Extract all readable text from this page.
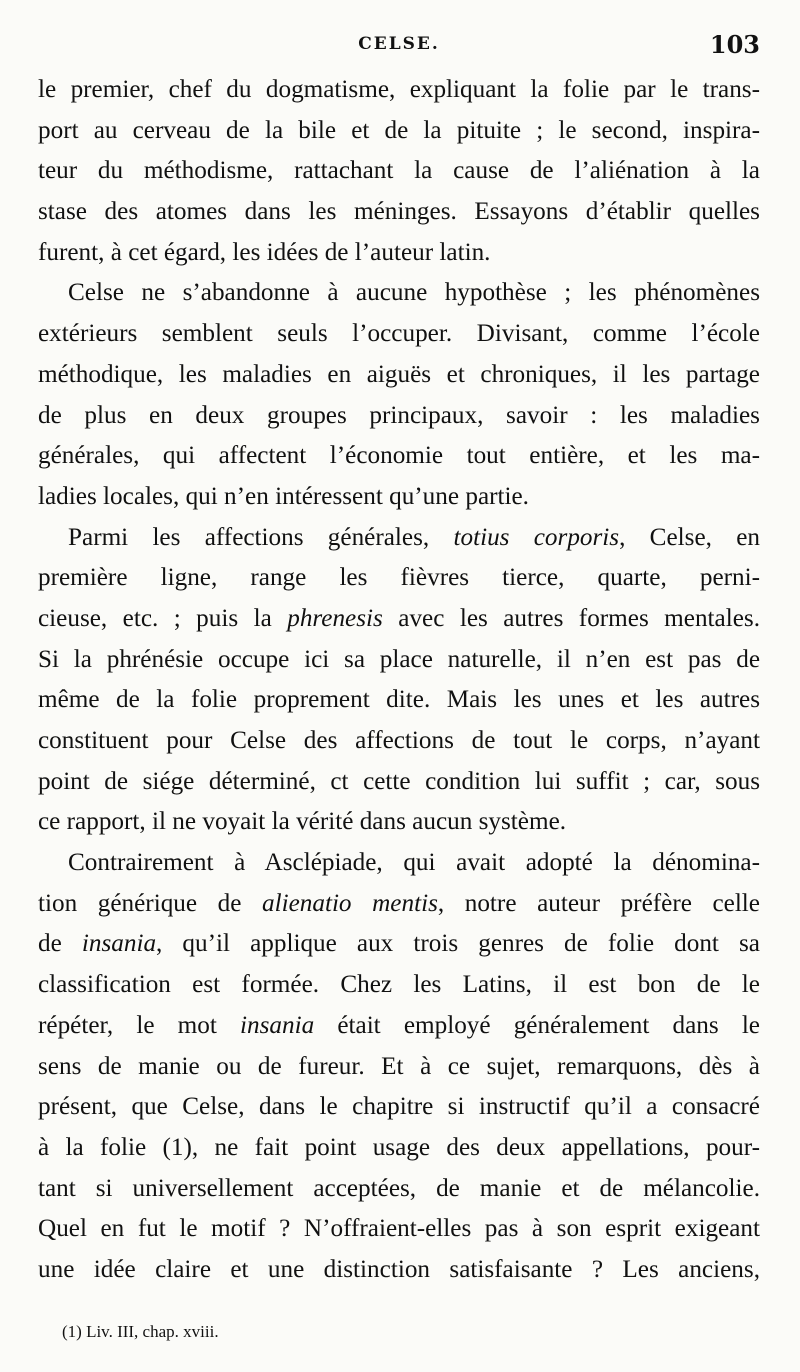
CELSE.	103
le premier, chef du dogmatisme, expliquant la folie par le trans-
port au cerveau de la bile et de la pituite ; le second, inspira-
teur du méthodisme, rattachant la cause de l’aliénation à la
stase des atomes dans les méninges. Essayons d’établir quelles
furent, à cet égard, les idées de l’auteur latin.
Celse ne s’abandonne à aucune hypothèse ; les phénomènes
extérieurs semblent seuls l’occuper. Divisant, comme l’école
méthodique, les maladies en aiguës et chroniques, il les partage
de plus en deux groupes principaux, savoir : les maladies
générales, qui affectent l’économie tout entière, et les ma-
ladies locales, qui n’en intéressent qu’une partie.
Parmi les affections générales, totius corporis, Celse, en
première ligne, range les fièvres tierce, quarte, perni-
cieuse, etc. ; puis la phrenesis avec les autres formes mentales.
Si la phrénésie occupe ici sa place naturelle, il n’en est pas de
même de la folie proprement dite. Mais les unes et les autres
constituent pour Celse des affections de tout le corps, n’ayant
point de siége déterminé, ct cette condition lui suffit ; car, sous
ce rapport, il ne voyait la vérité dans aucun système.
Contrairement à Asclépiade, qui avait adopté la dénomina-
tion générique de alienatio mentis, notre auteur préfère celle
de insania, qu’il applique aux trois genres de folie dont sa
classification est formée. Chez les Latins, il est bon de le
répéter, le mot insania était employé généralement dans le
sens de manie ou de fureur. Et à ce sujet, remarquons, dès à
présent, que Celse, dans le chapitre si instructif qu’il a consacré
à la folie (1), ne fait point usage des deux appellations, pour-
tant si universellement acceptées, de manie et de mélancolie.
Quel en fut le motif ? N’offraient-elles pas à son esprit exigeant
une idée claire et une distinction satisfaisante ? Les anciens,
(1) Liv. III, chap. xviii.
